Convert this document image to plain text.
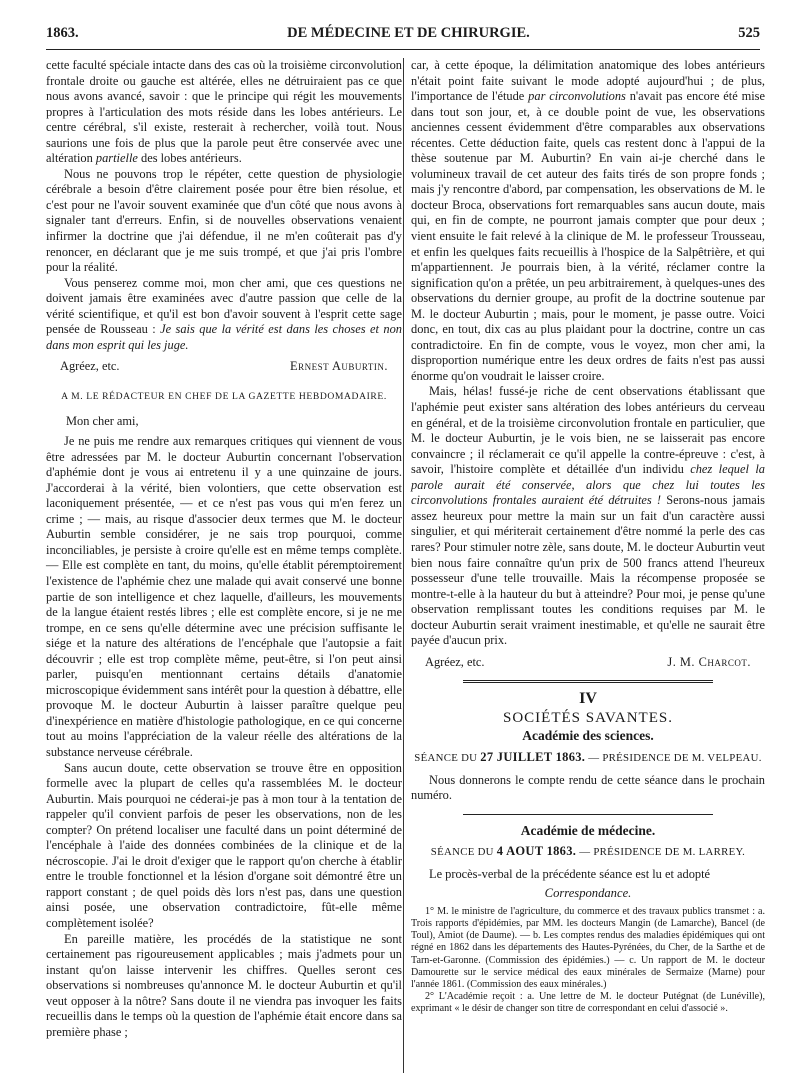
1863.	DE MÉDECINE ET DE CHIRURGIE.	525

cette faculté spéciale intacte dans des cas où la troisième circonvolution frontale droite ou gauche est altérée, elles ne détruiraient pas ce que nous avons avancé, savoir : que le principe qui régit les mouvements propres à l'articulation des mots réside dans les lobes antérieurs. Le centre cérébral, s'il existe, resterait à rechercher, voilà tout. Nous saurions une fois de plus que la parole peut être conservée avec une altération partielle des lobes antérieurs.

Nous ne pouvons trop le répéter, cette question de physiologie cérébrale a besoin d'être clairement posée pour être bien résolue, et c'est pour ne l'avoir souvent examinée que d'un côté que nous avons à signaler tant d'erreurs. Enfin, si de nouvelles observations venaient infirmer la doctrine que j'ai défendue, il ne m'en coûterait pas d'y renoncer, en déclarant que je me suis trompé, et que j'ai pris l'ombre pour la réalité.

Vous penserez comme moi, mon cher ami, que ces questions ne doivent jamais être examinées avec d'autre passion que celle de la vérité scientifique, et qu'il est bon d'avoir souvent à l'esprit cette sage pensée de Rousseau : Je sais que la vérité est dans les choses et non dans mon esprit qui les juge.

Agréez, etc.	Ernest Auburtin.
A M. LE RÉDACTEUR EN CHEF DE LA GAZETTE HEBDOMADAIRE.
Mon cher ami,

Je ne puis me rendre aux remarques critiques qui viennent de vous être adressées par M. le docteur Auburtin concernant l'observation d'aphémie dont je vous ai entretenu il y a une quinzaine de jours. J'accorderai à la vérité, bien volontiers, que cette observation est laconiquement présentée, — et ce n'est pas vous qui m'en ferez un crime ; — mais, au risque d'associer deux termes que M. le docteur Auburtin semble considérer, je ne sais trop pourquoi, comme inconciliables, je persiste à croire qu'elle est en même temps complète. — Elle est complète en tant, du moins, qu'elle établit péremptoirement l'existence de l'aphémie chez une malade qui avait conservé une bonne partie de son intelligence et chez laquelle, d'ailleurs, les mouvements de la langue étaient restés libres ; elle est complète encore, si je ne me trompe, en ce sens qu'elle détermine avec une précision suffisante le siége et la nature des altérations de l'encéphale que l'autopsie a fait découvrir ; elle est trop complète même, peut-être, si l'on peut ainsi parler, puisqu'en mentionnant certains détails d'anatomie microscopique évidemment sans intérêt pour la question à débattre, elle provoque M. le docteur Auburtin à laisser paraître quelque peu d'inexpérience en matière d'histologie pathologique, en ce qui concerne tout au moins l'appréciation de la valeur réelle des altérations de la substance nerveuse cérébrale.

Sans aucun doute, cette observation se trouve être en opposition formelle avec la plupart de celles qu'a rassemblées M. le docteur Auburtin. Mais pourquoi ne céderai-je pas à mon tour à la tentation de rappeler qu'il convient parfois de peser les observations, non de les compter? On prétend localiser une faculté dans un point déterminé de l'encéphale à l'aide des données combinées de la clinique et de la nécroscopie. J'ai le droit d'exiger que le rapport qu'on cherche à établir entre le trouble fonctionnel et la lésion d'organe soit démontré être un rapport constant ; de quel poids dès lors n'est pas, dans une question ainsi posée, une observation contradictoire, fût-elle même complètement isolée?

En pareille matière, les procédés de la statistique ne sont certainement pas rigoureusement applicables ; mais j'admets pour un instant qu'on laisse intervenir les chiffres. Quelles seront ces observations si nombreuses qu'annonce M. le docteur Auburtin et qu'il veut opposer à la nôtre? Sans doute il ne viendra pas invoquer les faits recueillis dans le temps où la question de l'aphémie était encore dans sa première phase ;

car, à cette époque, la délimitation anatomique des lobes antérieurs n'était point faite suivant le mode adopté aujourd'hui ; de plus, l'importance de l'étude par circonvolutions n'avait pas encore été mise dans tout son jour, et, à ce double point de vue, les observations anciennes cessent évidemment d'être comparables aux observations récentes. Cette déduction faite, quels cas restent donc à l'appui de la thèse soutenue par M. Auburtin? En vain ai-je cherché dans le volumineux travail de cet auteur des faits tirés de son propre fonds ; mais j'y rencontre d'abord, par compensation, les observations de M. le docteur Broca, observations fort remarquables sans aucun doute, mais qui, en fin de compte, ne pourront jamais compter que pour deux ; vient ensuite le fait relevé à la clinique de M. le professeur Trousseau, et enfin les quelques faits recueillis à l'hospice de la Salpêtrière, et qui m'appartiennent. Je pourrais bien, à la vérité, réclamer contre la signification qu'on a prêtée, un peu arbitrairement, à quelques-unes des observations du dernier groupe, au profit de la doctrine soutenue par M. le docteur Auburtin ; mais, pour le moment, je passe outre. Voici donc, en tout, dix cas au plus plaidant pour la doctrine, contre un cas contradictoire. En fin de compte, vous le voyez, mon cher ami, la disproportion numérique entre les deux ordres de faits n'est pas aussi énorme qu'on voudrait le laisser croire.

Mais, hélas! fussé-je riche de cent observations établissant que l'aphémie peut exister sans altération des lobes antérieurs du cerveau en général, et de la troisième circonvolution frontale en particulier, que M. le docteur Auburtin, je le vois bien, ne se laisserait pas encore convaincre ; il réclamerait ce qu'il appelle la contre-épreuve : c'est, à savoir, l'histoire complète et détaillée d'un individu chez lequel la parole aurait été conservée, alors que chez lui toutes les circonvolutions frontales auraient été détruites ! Serons-nous jamais assez heureux pour mettre la main sur un fait d'un caractère aussi singulier, et qui mériterait certainement d'être nommé la perle des cas rares? Pour stimuler notre zèle, sans doute, M. le docteur Auburtin veut bien nous faire connaître qu'un prix de 500 francs attend l'heureux possesseur d'une telle trouvaille. Mais la récompense proposée se montre-t-elle à la hauteur du but à atteindre? Pour moi, je pense qu'une observation remplissant toutes les conditions requises par M. le docteur Auburtin serait vraiment inestimable, et qu'elle ne saurait être payée d'aucun prix.

Agréez, etc.	J. M. Charcot.
IV
SOCIÉTÉS SAVANTES.
Académie des sciences.
SÉANCE DU 27 JUILLET 1863. — PRÉSIDENCE DE M. VELPEAU.

Nous donnerons le compte rendu de cette séance dans le prochain numéro.

Académie de médecine.
SÉANCE DU 4 AOUT 1863. — PRÉSIDENCE DE M. LARREY.

Le procès-verbal de la précédente séance est lu et adopté

Correspondance.

1° M. le ministre de l'agriculture, du commerce et des travaux publics transmet : a. Trois rapports d'épidémies, par MM. les docteurs Mangin (de Lamarche), Bancel (de Toul), Amiot (de Daume). — b. Les comptes rendus des maladies épidémiques qui ont régné en 1862 dans les départements des Hautes-Pyrénées, du Cher, de la Sarthe et de Tarn-et-Garonne. (Commission des épidémies.) — c. Un rapport de M. le docteur Damourette sur le service médical des eaux minérales de Sermaize (Marne) pour l'année 1861. (Commission des eaux minérales.)

2° L'Académie reçoit : a. Une lettre de M. le docteur Putégnat (de Lunéville), exprimant « le désir de changer son titre de correspondant en celui d'associé ».
